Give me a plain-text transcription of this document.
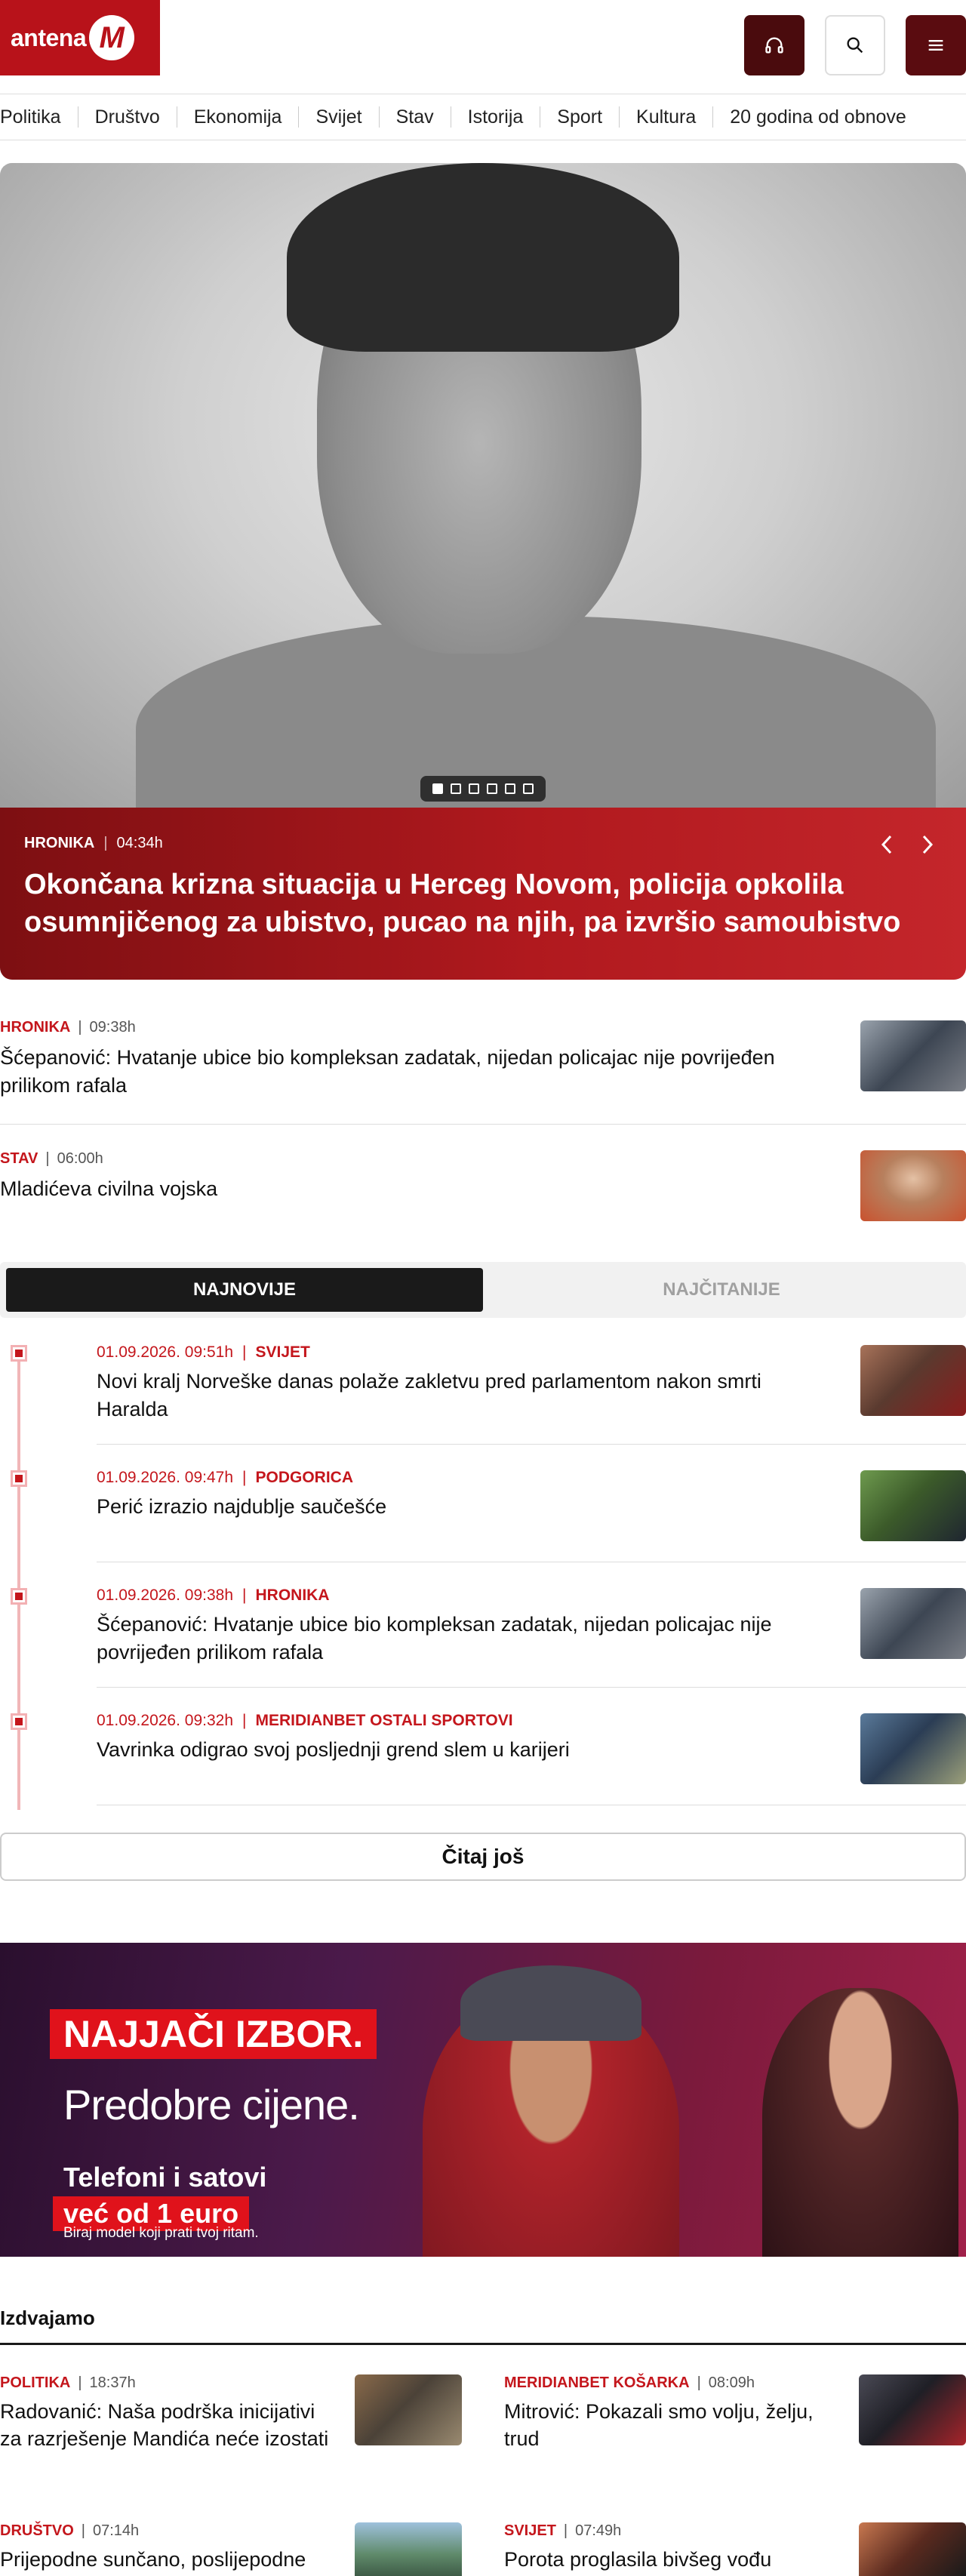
antena M
Politika	Društvo	Ekonomija	Svijet	Stav	Istorija	Sport	Kultura	20 godina od obnove
HRONIKA | 04:34h
Okončana krizna situacija u Herceg Novom, policija opkolila osumnjičenog za ubistvo, pucao na njih, pa izvršio samoubistvo
HRONIKA | 09:38h
Šćepanović: Hvatanje ubice bio kompleksan zadatak, nijedan policajac nije povrijeđen prilikom rafala
STAV | 06:00h
Mladićeva civilna vojska
NAJNOVIJE	NAJČITANIJE
01.09.2026. 09:51h | SVIJET
Novi kralj Norveške danas polaže zakletvu pred parlamentom nakon smrti Haralda
01.09.2026. 09:47h | PODGORICA
Perić izrazio najdublje saučešće
01.09.2026. 09:38h | HRONIKA
Šćepanović: Hvatanje ubice bio kompleksan zadatak, nijedan policajac nije povrijeđen prilikom rafala
01.09.2026. 09:32h | MERIDIANBET OSTALI SPORTOVI
Vavrinka odigrao svoj posljednji grend slem u karijeri
Čitaj još
NAJJAČI IZBOR.
Predobre cijene.
Telefoni i satovi
već od 1 euro
Biraj model koji prati tvoj ritam.
Izdvajamo
POLITIKA | 18:37h
Radovanić: Naša podrška inicijativi za razrješenje Mandića neće izostati
MERIDIANBET KOŠARKA | 08:09h
Mitrović: Pokazali smo volju, želju, trud
DRUŠTVO | 07:14h
Prijepodne sunčano, poslijepodne
SVIJET | 07:49h
Porota proglasila bivšeg vođu
